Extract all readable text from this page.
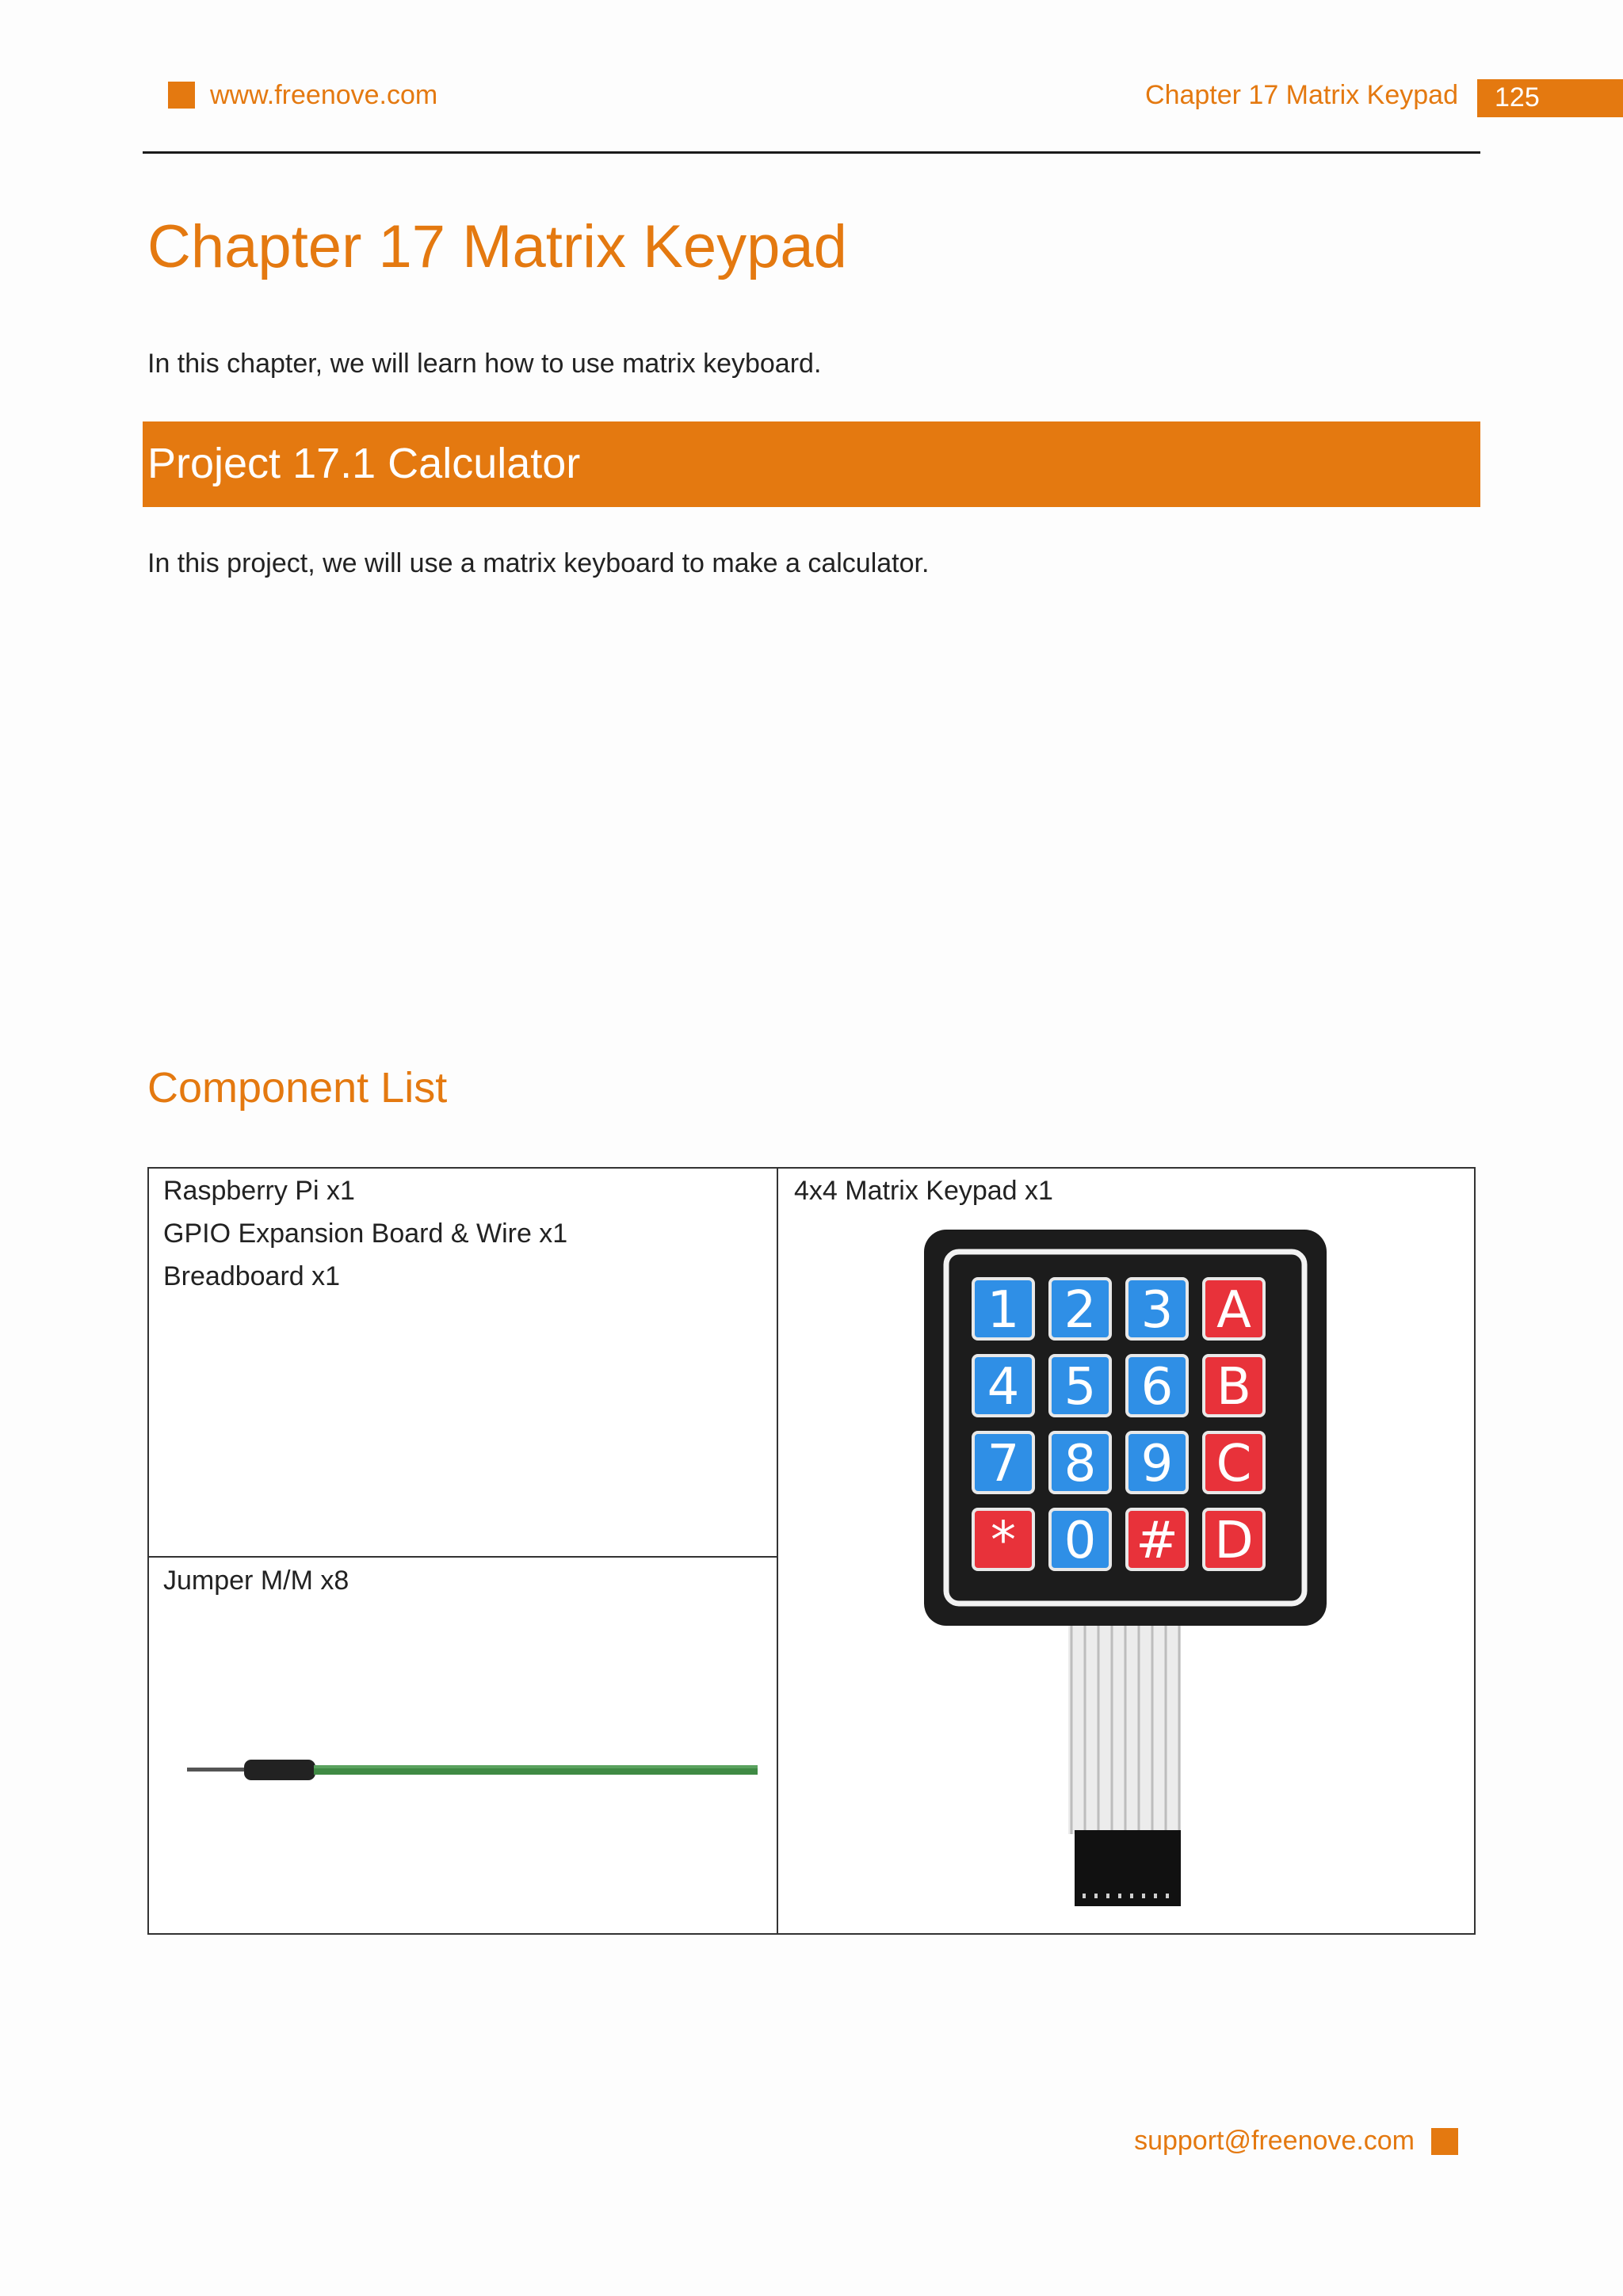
www.freenove.com	Chapter 17 Matrix Keypad 125
Chapter 17 Matrix Keypad
In this chapter, we will learn how to use matrix keyboard.
Project 17.1 Calculator
In this project, we will use a matrix keyboard to make a calculator.
Component List
Raspberry Pi x1
GPIO Expansion Board & Wire x1
Breadboard x1
4x4 Matrix Keypad x1
Jumper M/M x8
1 2 3 A
4 5 6 B
7 8 9 C
* 0 # D
support@freenove.com
